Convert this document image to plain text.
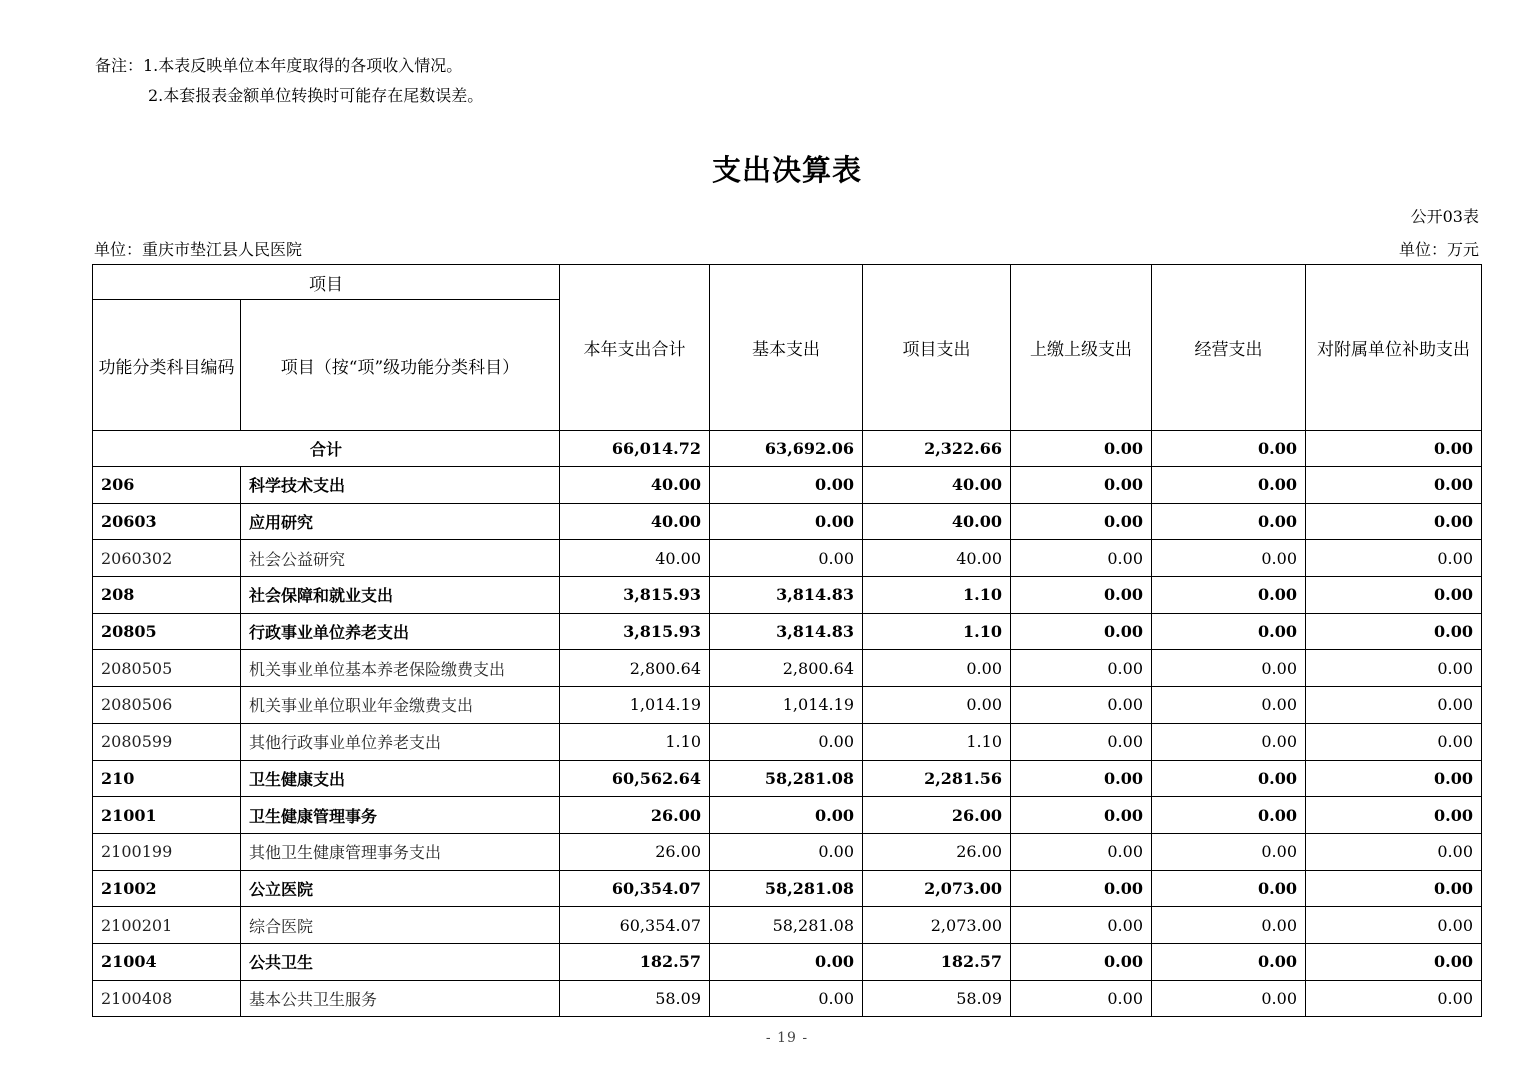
备注：1.本表反映单位本年度取得的各项收入情况。
2.本套报表金额单位转换时可能存在尾数误差。
支出决算表
公开03表
单位：重庆市垫江县人民医院	单位：万元
项目		本年支出合计	基本支出	项目支出	上缴上级支出	经营支出	对附属单位补助支出
功能分类科目编码	项目（按“项”级功能分类科目）						
合计		66,014.72	63,692.06	2,322.66	0.00	0.00	0.00
206	科学技术支出	40.00	0.00	40.00	0.00	0.00	0.00
20603	应用研究	40.00	0.00	40.00	0.00	0.00	0.00
2060302	社会公益研究	40.00	0.00	40.00	0.00	0.00	0.00
208	社会保障和就业支出	3,815.93	3,814.83	1.10	0.00	0.00	0.00
20805	行政事业单位养老支出	3,815.93	3,814.83	1.10	0.00	0.00	0.00
2080505	机关事业单位基本养老保险缴费支出	2,800.64	2,800.64	0.00	0.00	0.00	0.00
2080506	机关事业单位职业年金缴费支出	1,014.19	1,014.19	0.00	0.00	0.00	0.00
2080599	其他行政事业单位养老支出	1.10	0.00	1.10	0.00	0.00	0.00
210	卫生健康支出	60,562.64	58,281.08	2,281.56	0.00	0.00	0.00
21001	卫生健康管理事务	26.00	0.00	26.00	0.00	0.00	0.00
2100199	其他卫生健康管理事务支出	26.00	0.00	26.00	0.00	0.00	0.00
21002	公立医院	60,354.07	58,281.08	2,073.00	0.00	0.00	0.00
2100201	综合医院	60,354.07	58,281.08	2,073.00	0.00	0.00	0.00
21004	公共卫生	182.57	0.00	182.57	0.00	0.00	0.00
2100408	基本公共卫生服务	58.09	0.00	58.09	0.00	0.00	0.00
- 19 -
